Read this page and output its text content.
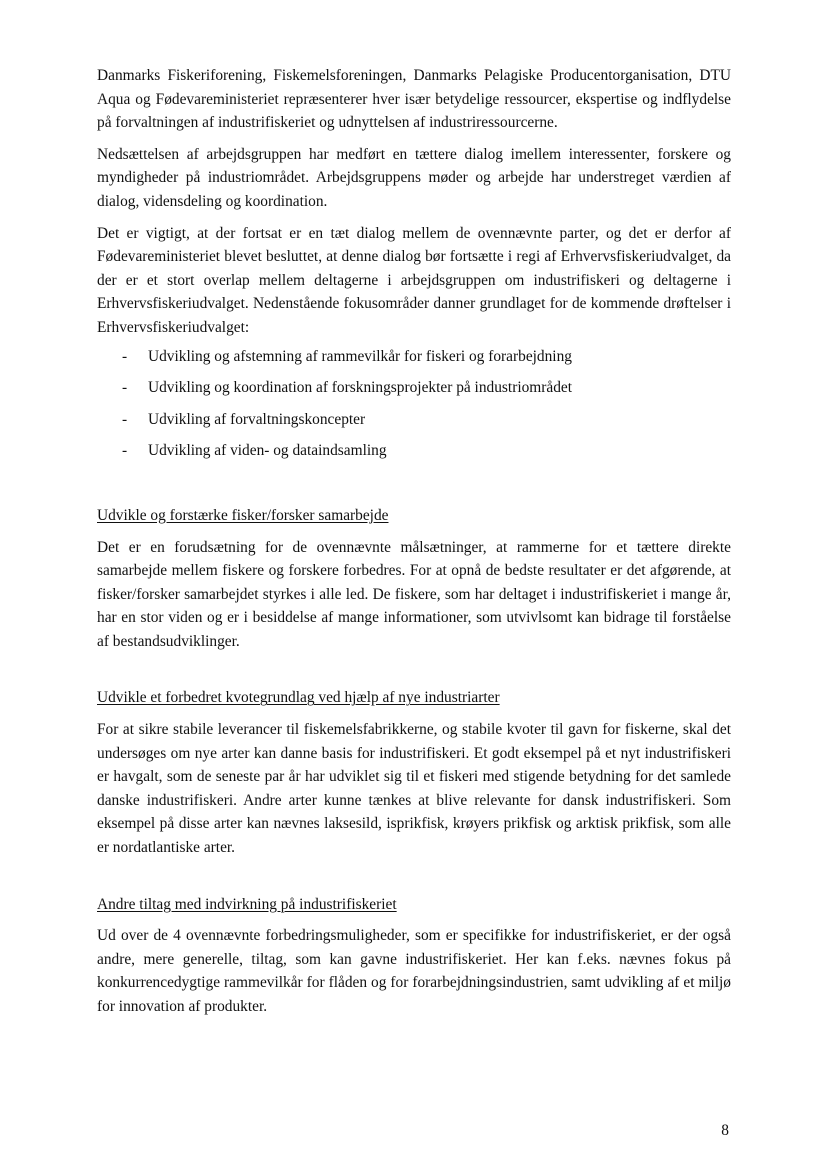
Danmarks Fiskeriforening, Fiskemelsforeningen, Danmarks Pelagiske Producentorganisation, DTU Aqua og Fødevareministeriet repræsenterer hver især betydelige ressourcer, ekspertise og indflydelse på forvaltningen af industrifiskeriet og udnyttelsen af industriressourcerne.

Nedsættelsen af arbejdsgruppen har medført en tættere dialog imellem interessenter, forskere og myndigheder på industriområdet. Arbejdsgruppens møder og arbejde har understreget værdien af dialog, vidensdeling og koordination.

Det er vigtigt, at der fortsat er en tæt dialog mellem de ovennævnte parter, og det er derfor af Fødevareministeriet blevet besluttet, at denne dialog bør fortsætte i regi af Erhvervsfiskeriudvalget, da der er et stort overlap mellem deltagerne i arbejdsgruppen om industrifiskeri og deltagerne i Erhvervsfiskeriudvalget. Nedenstående fokusområder danner grundlaget for de kommende drøftelser i Erhvervsfiskeriudvalget:

- Udvikling og afstemning af rammevilkår for fiskeri og forarbejdning
- Udvikling og koordination af forskningsprojekter på industriområdet
- Udvikling af forvaltningskoncepter
- Udvikling af viden- og dataindsamling
Udvikle og forstærke fisker/forsker samarbejde

Det er en forudsætning for de ovennævnte målsætninger, at rammerne for et tættere direkte samarbejde mellem fiskere og forskere forbedres. For at opnå de bedste resultater er det afgørende, at fisker/forsker samarbejdet styrkes i alle led. De fiskere, som har deltaget i industrifiskeriet i mange år, har en stor viden og er i besiddelse af mange informationer, som utvivlsomt kan bidrage til forståelse af bestandsudviklinger.

Udvikle et forbedret kvotegrundlag ved hjælp af nye industriarter

For at sikre stabile leverancer til fiskemelsfabrikkerne, og stabile kvoter til gavn for fiskerne, skal det undersøges om nye arter kan danne basis for industrifiskeri. Et godt eksempel på et nyt industrifiskeri er havgalt, som de seneste par år har udviklet sig til et fiskeri med stigende betydning for det samlede danske industrifiskeri. Andre arter kunne tænkes at blive relevante for dansk industrifiskeri. Som eksempel på disse arter kan nævnes laksesild, isprikfisk, krøyers prikfisk og arktisk prikfisk, som alle er nordatlantiske arter.

Andre tiltag med indvirkning på industrifiskeriet

Ud over de 4 ovennævnte forbedringsmuligheder, som er specifikke for industrifiskeriet, er der også andre, mere generelle, tiltag, som kan gavne industrifiskeriet. Her kan f.eks. nævnes fokus på konkurrencedygtige rammevilkår for flåden og for forarbejdningsindustrien, samt udvikling af et miljø for innovation af produkter.

8
